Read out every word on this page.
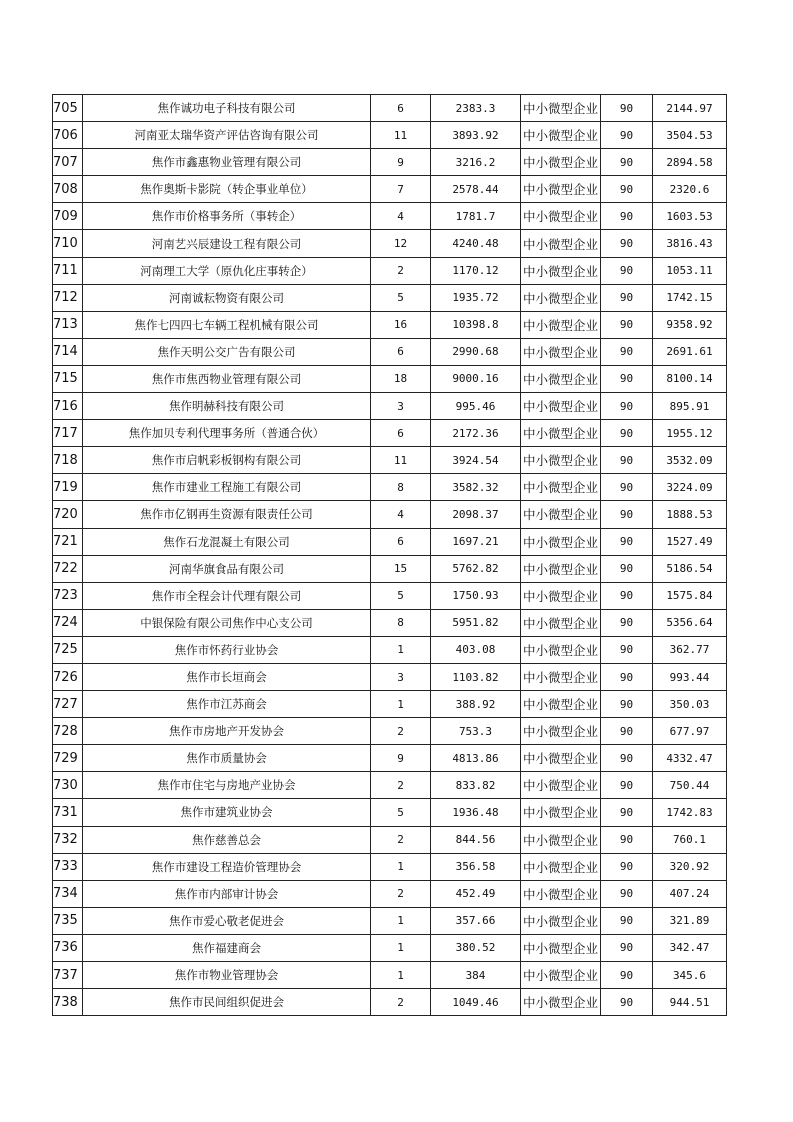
705	焦作诚功电子科技有限公司	6	2383.3	中小微型企业	90	2144.97
706	河南亚太瑞华资产评估咨询有限公司	11	3893.92	中小微型企业	90	3504.53
707	焦作市鑫惠物业管理有限公司	9	3216.2	中小微型企业	90	2894.58
708	焦作奥斯卡影院（转企事业单位）	7	2578.44	中小微型企业	90	2320.6
709	焦作市价格事务所（事转企）	4	1781.7	中小微型企业	90	1603.53
710	河南艺兴辰建设工程有限公司	12	4240.48	中小微型企业	90	3816.43
711	河南理工大学（原仇化庄事转企）	2	1170.12	中小微型企业	90	1053.11
712	河南诚耘物资有限公司	5	1935.72	中小微型企业	90	1742.15
713	焦作七四四七车辆工程机械有限公司	16	10398.8	中小微型企业	90	9358.92
714	焦作天明公交广告有限公司	6	2990.68	中小微型企业	90	2691.61
715	焦作市焦西物业管理有限公司	18	9000.16	中小微型企业	90	8100.14
716	焦作明赫科技有限公司	3	995.46	中小微型企业	90	895.91
717	焦作加贝专利代理事务所（普通合伙）	6	2172.36	中小微型企业	90	1955.12
718	焦作市启帆彩板钢构有限公司	11	3924.54	中小微型企业	90	3532.09
719	焦作市建业工程施工有限公司	8	3582.32	中小微型企业	90	3224.09
720	焦作市亿钢再生资源有限责任公司	4	2098.37	中小微型企业	90	1888.53
721	焦作石龙混凝土有限公司	6	1697.21	中小微型企业	90	1527.49
722	河南华旗食品有限公司	15	5762.82	中小微型企业	90	5186.54
723	焦作市全程会计代理有限公司	5	1750.93	中小微型企业	90	1575.84
724	中银保险有限公司焦作中心支公司	8	5951.82	中小微型企业	90	5356.64
725	焦作市怀药行业协会	1	403.08	中小微型企业	90	362.77
726	焦作市长垣商会	3	1103.82	中小微型企业	90	993.44
727	焦作市江苏商会	1	388.92	中小微型企业	90	350.03
728	焦作市房地产开发协会	2	753.3	中小微型企业	90	677.97
729	焦作市质量协会	9	4813.86	中小微型企业	90	4332.47
730	焦作市住宅与房地产业协会	2	833.82	中小微型企业	90	750.44
731	焦作市建筑业协会	5	1936.48	中小微型企业	90	1742.83
732	焦作慈善总会	2	844.56	中小微型企业	90	760.1
733	焦作市建设工程造价管理协会	1	356.58	中小微型企业	90	320.92
734	焦作市内部审计协会	2	452.49	中小微型企业	90	407.24
735	焦作市爱心敬老促进会	1	357.66	中小微型企业	90	321.89
736	焦作福建商会	1	380.52	中小微型企业	90	342.47
737	焦作市物业管理协会	1	384	中小微型企业	90	345.6
738	焦作市民间组织促进会	2	1049.46	中小微型企业	90	944.51
